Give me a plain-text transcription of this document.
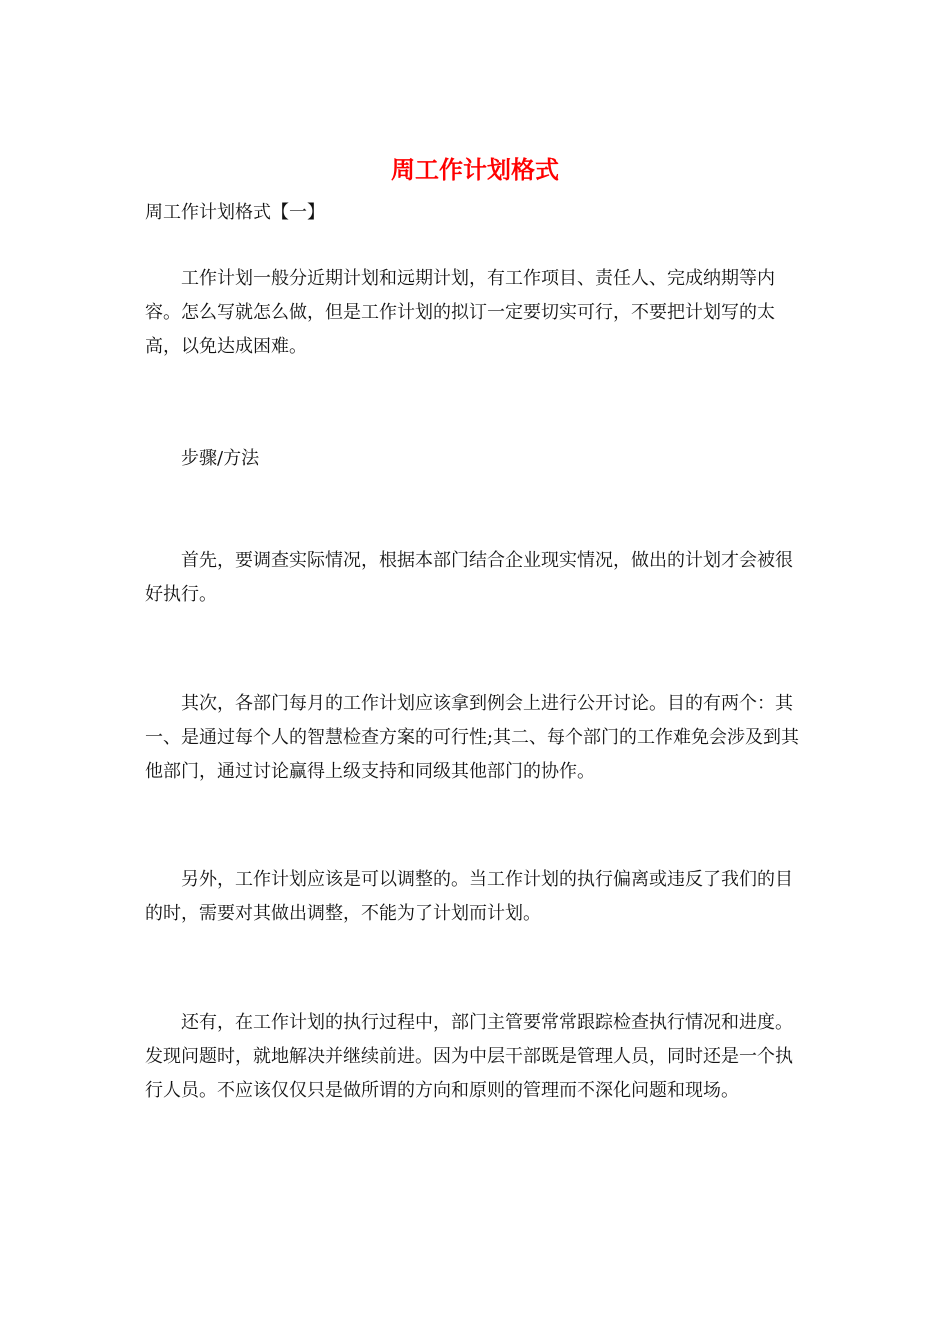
周工作计划格式
周工作计划格式【一】

工作计划一般分近期计划和远期计划，有工作项目、责任人、完成纳期等内容。怎么写就怎么做，但是工作计划的拟订一定要切实可行，不要把计划写的太高，以免达成困难。

步骤/方法

首先，要调查实际情况，根据本部门结合企业现实情况，做出的计划才会被很好执行。

其次，各部门每月的工作计划应该拿到例会上进行公开讨论。目的有两个：其一、是通过每个人的智慧检查方案的可行性;其二、每个部门的工作难免会涉及到其他部门，通过讨论赢得上级支持和同级其他部门的协作。

另外，工作计划应该是可以调整的。当工作计划的执行偏离或违反了我们的目的时，需要对其做出调整，不能为了计划而计划。

还有，在工作计划的执行过程中，部门主管要常常跟踪检查执行情况和进度。发现问题时，就地解决并继续前进。因为中层干部既是管理人员，同时还是一个执行人员。不应该仅仅只是做所谓的方向和原则的管理而不深化问题和现场。
